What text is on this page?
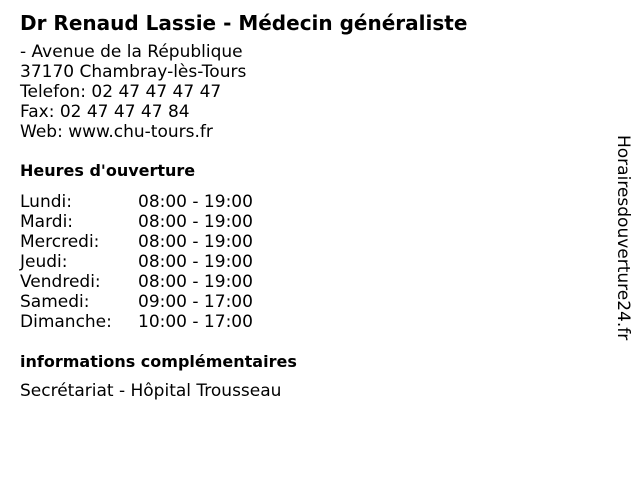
Dr Renaud Lassie - Médecin généraliste
- Avenue de la République
37170 Chambray-lès-Tours
Telefon: 02 47 47 47 47
Fax: 02 47 47 47 84
Web: www.chu-tours.fr
Heures d'ouverture
Lundi:	08:00 - 19:00
Mardi:	08:00 - 19:00
Mercredi: 08:00 - 19:00
Jeudi:	08:00 - 19:00
Vendredi: 08:00 - 19:00
Samedi:	09:00 - 17:00
Dimanche: 10:00 - 17:00
informations complémentaires
Secrétariat - Hôpital Trousseau
Horairesdouverture24.fr
